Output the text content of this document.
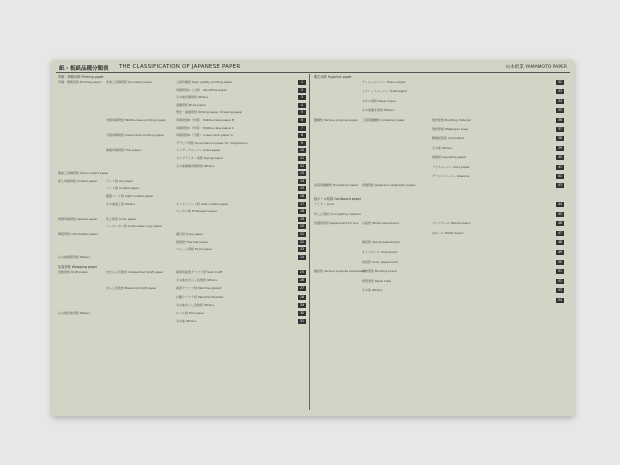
紙・板紙品種分類表 THE CLASSIFICATION OF JAPANESE PAPER	山本紙業 YAMAMOTO PAPER
印刷・情報用紙 Printing paper
印刷・情報用紙 Printing paper 非塗工印刷用紙 Uncoated paper	上級印刷紙 High quality printing paper	1
印刷用紙A（上質） Woodfree paper	2
その他印刷用紙 Others	3
書籍用紙 Book paper	4
筆記・図画用紙 Writing paper, Drawing paper	5
中級印刷用紙 Middle-class printing paper	印刷用紙B（中質） Middle-class paper B	6
印刷用紙C（中質） Middle-class paper C	7
下級印刷用紙 Lower-rank printing paper	印刷用紙D（下級） Lower-rank paper D	8
グラビア用紙 Groundwood paper for rotogravure	9
薄葉印刷用紙 Thin paper	インディアペーパー India paper	10
タイプライター用紙 Typing paper	11
その他薄葉印刷用紙 Others	12
微塗工印刷用紙 Semi-coated paper	13
塗工印刷用紙 Coated paper	アート紙 Art paper	14
コート紙 Coated paper	15
軽量コート紙 Light coated paper	16
その他塗工紙 Others	キャストコート紙 Cast coated paper	17
エンボス紙 Embossed paper	18
特殊印刷用紙 Special paper	色上質紙 Color paper	19
ノーカーボン紙 Carbonless copy paper	20
情報用紙 Information paper	複写紙 Copy paper	21
感熱紙 Thermal paper	22
フォーム用紙 Form paper	23
その他情報用紙 Others	24
包装用紙 Wrapping paper
包装用紙 Kraft paper	未さらし包装紙 Unbleached kraft paper	重袋用両更クラフト紙 Sack kraft	25
その他未さらし包装紙 Others	26
さらし包装紙 Bleached kraft paper	両更クラフト紙 Machine glazed	27
片艶クラフト紙 Machine finished	28
その他さらし包装紙 Others	29
その他包装用紙 Others	ロール紙 Roll paper	30
その他 Others	31
衛生用紙 Hygienic paper
ティシュペーパー Tissue paper	32
トイレットペーパー Toilet paper	33
タオル用紙 Paper towel	34
その他衛生用紙 Others	35
雑種紙 Various purpose paper 工業用雑種紙 Industrial paper	建材原紙 Building material	36
壁紙原紙 Wallpaper base	37
積層板原紙 Laminated	38
その他 Others	39
絶縁紙 Insulating paper	40
ライスペーパー Rice paper	41
グラシンペーパー Glassine	42
家庭用雑種紙 Household paper 書道用紙 Japanese calligraphy paper	43
段ボール原紙 Cardboard paper
ライナー Liner	44
中しん原紙 Corrugating medium	45
紙器用板紙 Paperboard for box 白板紙 White paperboard	マニラボール Manila board	46
白ボール White board	47
黄板紙 Yellow paperboard	48
チップボール Chip board	49
色板紙 Color paperboard	50
雑板紙 Various purpose paperboard
建材原紙 Building board	51
紙管原紙 Paper tube	52
その他 Others	53
54
